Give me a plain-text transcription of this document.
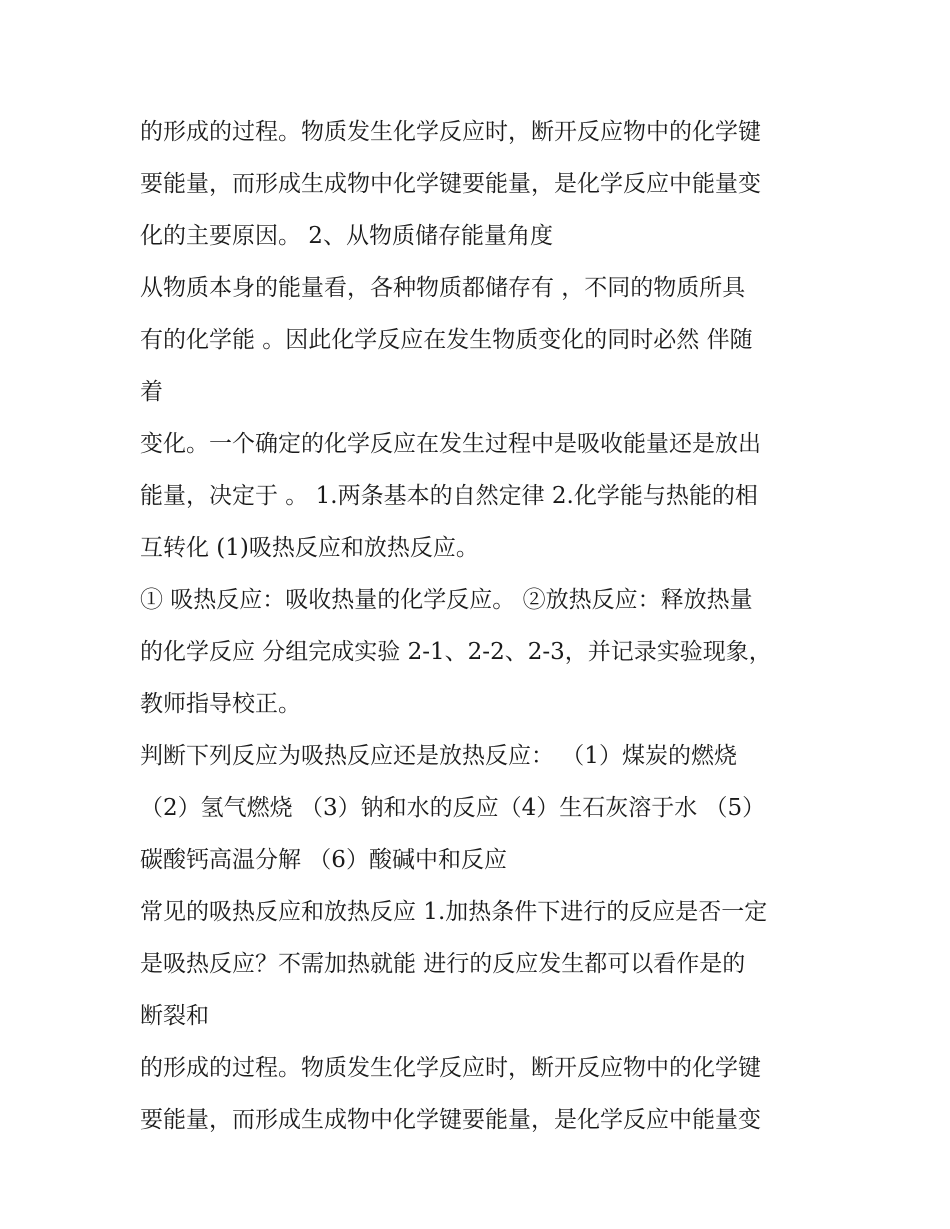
的形成的过程。物质发生化学反应时，断开反应物中的化学键
要能量，而形成生成物中化学键要能量，是化学反应中能量变
化的主要原因。 2、从物质储存能量角度
从物质本身的能量看，各种物质都储存有 ，不同的物质所具
有的化学能 。因此化学反应在发生物质变化的同时必然 伴随
着
变化。一个确定的化学反应在发生过程中是吸收能量还是放出
能量，决定于 。 1.两条基本的自然定律 2.化学能与热能的相
互转化 (1)吸热反应和放热反应。
① 吸热反应：吸收热量的化学反应。 ②放热反应：释放热量
的化学反应 分组完成实验 2-1、2-2、2-3，并记录实验现象，
教师指导校正。
判断下列反应为吸热反应还是放热反应： （1）煤炭的燃烧
（2）氢气燃烧 （3）钠和水的反应（4）生石灰溶于水 （5）
碳酸钙高温分解 （6）酸碱中和反应
常见的吸热反应和放热反应 1.加热条件下进行的反应是否一定
是吸热反应？不需加热就能 进行的反应发生都可以看作是的
断裂和
的形成的过程。物质发生化学反应时，断开反应物中的化学键
要能量，而形成生成物中化学键要能量，是化学反应中能量变
